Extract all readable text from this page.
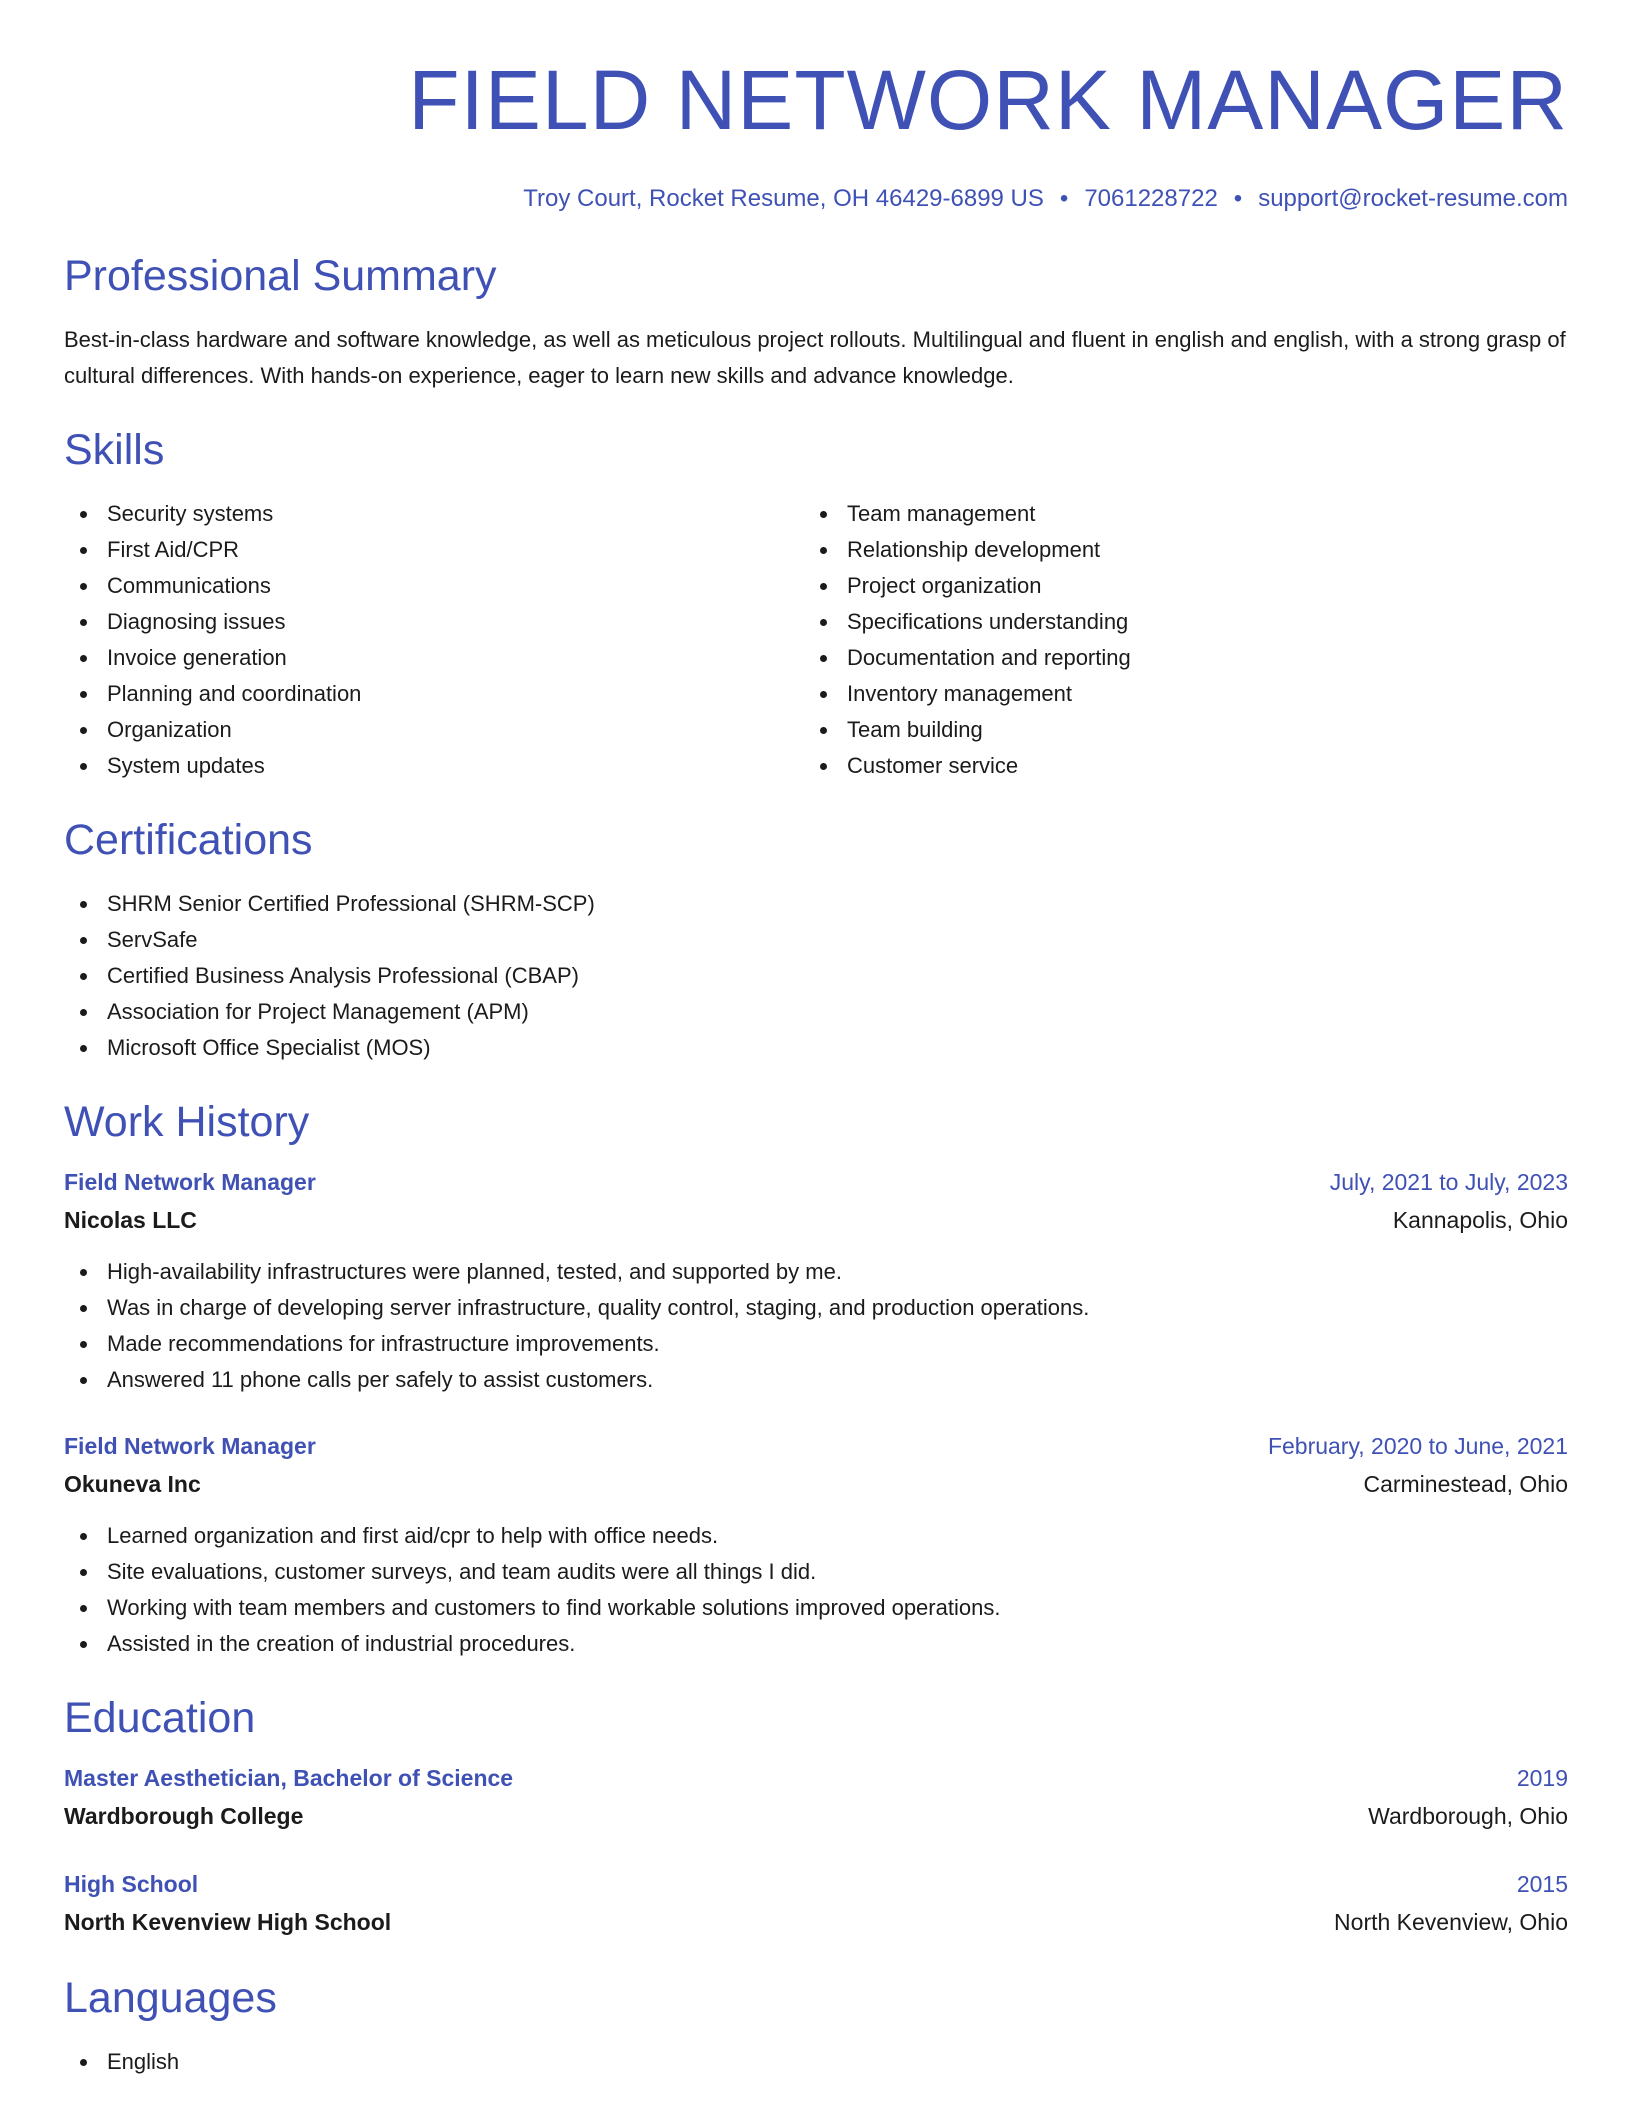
FIELD NETWORK MANAGER
Troy Court, Rocket Resume, OH 46429-6899 US • 7061228722 • support@rocket-resume.com
Professional Summary
Best-in-class hardware and software knowledge, as well as meticulous project rollouts. Multilingual and fluent in english and english, with a strong grasp of cultural differences. With hands-on experience, eager to learn new skills and advance knowledge.
Skills
Security systems
First Aid/CPR
Communications
Diagnosing issues
Invoice generation
Planning and coordination
Organization
System updates
Team management
Relationship development
Project organization
Specifications understanding
Documentation and reporting
Inventory management
Team building
Customer service
Certifications
SHRM Senior Certified Professional (SHRM-SCP)
ServSafe
Certified Business Analysis Professional (CBAP)
Association for Project Management (APM)
Microsoft Office Specialist (MOS)
Work History
Field Network Manager	July, 2021 to July, 2023
Nicolas LLC	Kannapolis, Ohio
High-availability infrastructures were planned, tested, and supported by me.
Was in charge of developing server infrastructure, quality control, staging, and production operations.
Made recommendations for infrastructure improvements.
Answered 11 phone calls per safely to assist customers.
Field Network Manager	February, 2020 to June, 2021
Okuneva Inc	Carminestead, Ohio
Learned organization and first aid/cpr to help with office needs.
Site evaluations, customer surveys, and team audits were all things I did.
Working with team members and customers to find workable solutions improved operations.
Assisted in the creation of industrial procedures.
Education
Master Aesthetician, Bachelor of Science	2019
Wardborough College	Wardborough, Ohio
High School	2015
North Kevenview High School	North Kevenview, Ohio
Languages
English
